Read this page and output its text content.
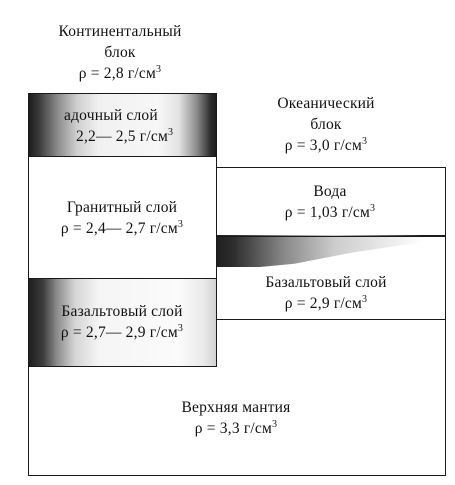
Континентальный
блок
ρ = 2,8 $г/см^3$
Океанический
блок
ρ = 3,0 $г/см^3$
Верхняя мантия
ρ = 3,3 $г/см^3$
Базальтовый слой
ρ = 2,9 $г/см^3$
Вода
ρ = 1,03 $г/см^3$
Базальтовый слой
ρ = 2,7— 2,9 $г/см^3$
Гранитный слой
ρ = 2,4— 2,7 $г/см^3$
адочный слой
2,2— 2,5 $г/см^3$
